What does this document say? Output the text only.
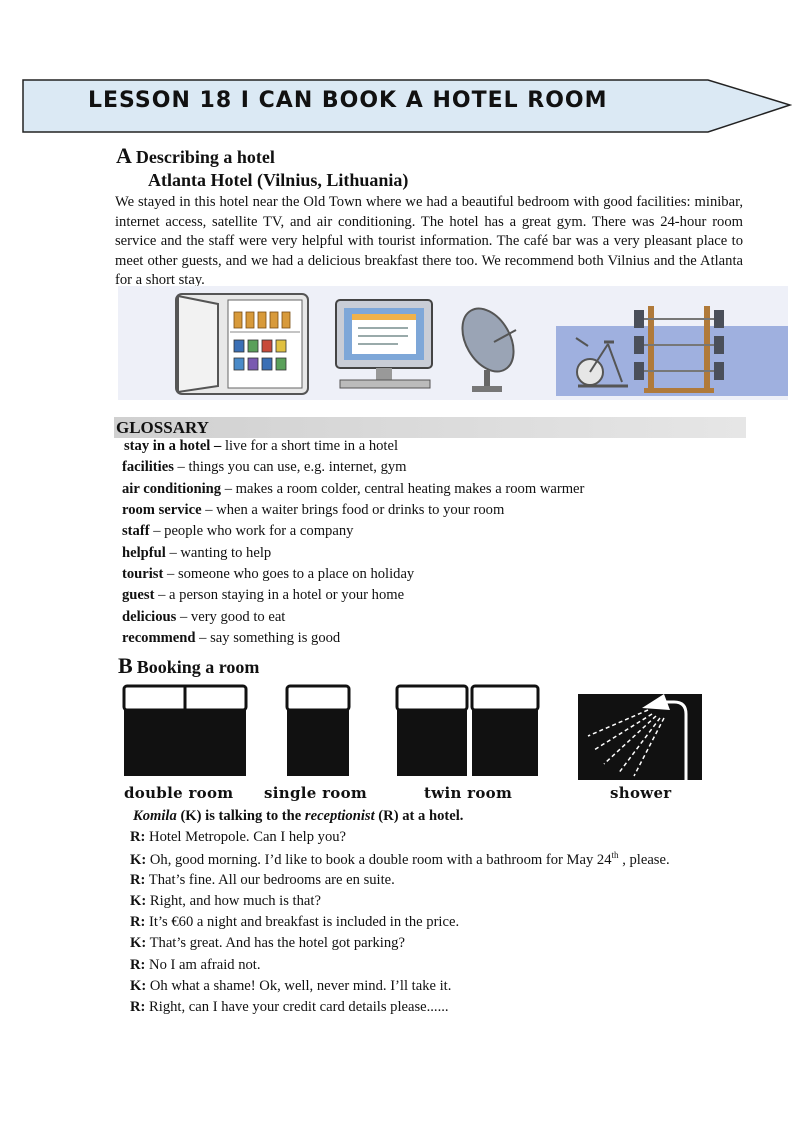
LESSON 18 I CAN BOOK A HOTEL ROOM
A Describing a hotel
Atlanta Hotel (Vilnius, Lithuania)
We stayed in this hotel near the Old Town where we had a beautiful bedroom with good facilities: minibar, internet access, satellite TV, and air conditioning. The hotel has a great gym. There was 24-hour room service and the staff were very helpful with tourist information. The café bar was a very pleasant place to meet other guests, and we had a delicious breakfast there too. We recommend both Vilnius and the Atlanta for a short stay.
GLOSSARY
stay in a hotel – live for a short time in a hotel
facilities – things you can use, e.g. internet, gym
air conditioning – makes a room colder, central heating makes a room warmer
room service – when a waiter brings food or drinks to your room
staff – people who work for a company
helpful – wanting to help
tourist – someone who goes to a place on holiday
guest – a person staying in a hotel or your home
delicious – very good to eat
recommend – say something is good
B Booking a room
double room single room	twin room	shower
Komila (K) is talking to the receptionist (R) at a hotel.
R: Hotel Metropole. Can I help you?
K: Oh, good morning. I’d like to book a double room with a bathroom for May 24th , please.
R: That’s fine. All our bedrooms are en suite.
K: Right, and how much is that?
R: It’s €60 a night and breakfast is included in the price.
K: That’s great. And has the hotel got parking?
R: No I am afraid not.
K: Oh what a shame! Ok, well, never mind. I’ll take it.
R: Right, can I have your credit card details please......
